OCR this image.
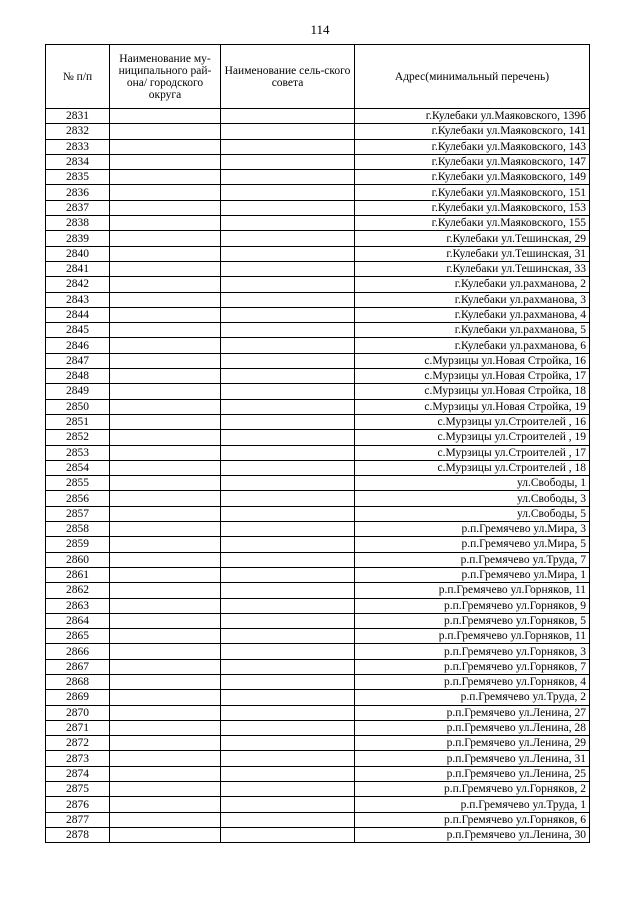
114
№ п/п	Наименование му-ниципального рай-она/ городского округа	Наименование сель-ского совета	Адрес(минимальный перечень)
2831			г.Кулебаки ул.Маяковского, 139б
2832			г.Кулебаки ул.Маяковского, 141
2833			г.Кулебаки ул.Маяковского, 143
2834			г.Кулебаки ул.Маяковского, 147
2835			г.Кулебаки ул.Маяковского, 149
2836			г.Кулебаки ул.Маяковского, 151
2837			г.Кулебаки ул.Маяковского, 153
2838			г.Кулебаки ул.Маяковского, 155
2839			г.Кулебаки ул.Тешинская, 29
2840			г.Кулебаки ул.Тешинская, 31
2841			г.Кулебаки ул.Тешинская, 33
2842			г.Кулебаки ул.рахманова, 2
2843			г.Кулебаки ул.рахманова, 3
2844			г.Кулебаки ул.рахманова, 4
2845			г.Кулебаки ул.рахманова, 5
2846			г.Кулебаки ул.рахманова, 6
2847			с.Мурзицы ул.Новая Стройка, 16
2848			с.Мурзицы ул.Новая Стройка, 17
2849			с.Мурзицы ул.Новая Стройка, 18
2850			с.Мурзицы ул.Новая Стройка, 19
2851			с.Мурзицы ул.Строителей , 16
2852			с.Мурзицы ул.Строителей , 19
2853			с.Мурзицы ул.Строителей , 17
2854			с.Мурзицы ул.Строителей , 18
2855			ул.Свободы, 1
2856			ул.Свободы, 3
2857			ул.Свободы, 5
2858			р.п.Гремячево ул.Мира, 3
2859			р.п.Гремячево ул.Мира, 5
2860			р.п.Гремячево ул.Труда, 7
2861			р.п.Гремячево ул.Мира, 1
2862			р.п.Гремячево ул.Горняков, 11
2863			р.п.Гремячево ул.Горняков, 9
2864			р.п.Гремячево ул.Горняков, 5
2865			р.п.Гремячево ул.Горняков, 11
2866			р.п.Гремячево ул.Горняков, 3
2867			р.п.Гремячево ул.Горняков, 7
2868			р.п.Гремячево ул.Горняков, 4
2869			р.п.Гремячево ул.Труда, 2
2870			р.п.Гремячево ул.Ленина, 27
2871			р.п.Гремячево ул.Ленина, 28
2872			р.п.Гремячево ул.Ленина, 29
2873			р.п.Гремячево ул.Ленина, 31
2874			р.п.Гремячево ул.Ленина, 25
2875			р.п.Гремячево ул.Горняков, 2
2876			р.п.Гремячево ул.Труда, 1
2877			р.п.Гремячево ул.Горняков, 6
2878			р.п.Гремячево ул.Ленина, 30
